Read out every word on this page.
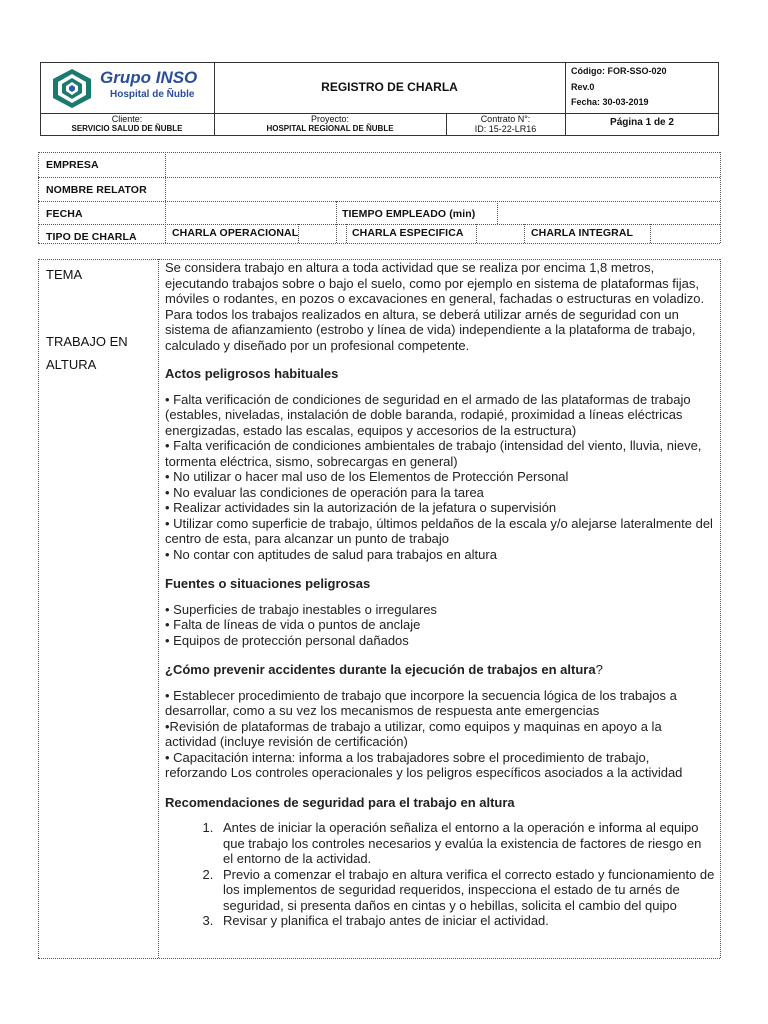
Grupo INSO
Hospital de Ñuble
REGISTRO DE CHARLA
Código: FOR-SSO-020
Rev.0
Fecha: 30-03-2019
Cliente:
SERVICIO SALUD DE ÑUBLE
Proyecto:
HOSPITAL REGIONAL DE ÑUBLE
Contrato N°:
ID: 15-22-LR16
Página 1 de 2
EMPRESA
NOMBRE RELATOR
FECHA	TIEMPO EMPLEADO (min)
TIPO DE CHARLA	CHARLA OPERACIONAL	CHARLA ESPECIFICA	CHARLA INTEGRAL
TEMA
TRABAJO EN
ALTURA

Se considera trabajo en altura a toda actividad que se realiza por encima 1,8 metros, ejecutando trabajos sobre o bajo el suelo, como por ejemplo en sistema de plataformas fijas, móviles o rodantes, en pozos o excavaciones en general, fachadas o estructuras en voladizo. Para todos los trabajos realizados en altura, se deberá utilizar arnés de seguridad con un sistema de afianzamiento (estrobo y línea de vida) independiente a la plataforma de trabajo, calculado y diseñado por un profesional competente.

Actos peligrosos habituales

• Falta verificación de condiciones de seguridad en el armado de las plataformas de trabajo (estables, niveladas, instalación de doble baranda, rodapié, proximidad a líneas eléctricas energizadas, estado las escalas, equipos y accesorios de la estructura)

• Falta verificación de condiciones ambientales de trabajo (intensidad del viento, lluvia, nieve, tormenta eléctrica, sismo, sobrecargas en general)

• No utilizar o hacer mal uso de los Elementos de Protección Personal

• No evaluar las condiciones de operación para la tarea

• Realizar actividades sin la autorización de la jefatura o supervisión

• Utilizar como superficie de trabajo, últimos peldaños de la escala y/o alejarse lateralmente del centro de esta, para alcanzar un punto de trabajo

• No contar con aptitudes de salud para trabajos en altura

Fuentes o situaciones peligrosas

• Superficies de trabajo inestables o irregulares

• Falta de líneas de vida o puntos de anclaje

• Equipos de protección personal dañados

¿Cómo prevenir accidentes durante la ejecución de trabajos en altura?

• Establecer procedimiento de trabajo que incorpore la secuencia lógica de los trabajos a desarrollar, como a su vez los mecanismos de respuesta ante emergencias

•Revisión de plataformas de trabajo a utilizar, como equipos y maquinas en apoyo a la actividad (incluye revisión de certificación)

• Capacitación interna: informa a los trabajadores sobre el procedimiento de trabajo, reforzando Los controles operacionales y los peligros específicos asociados a la actividad

Recomendaciones de seguridad para el trabajo en altura
1. Antes de iniciar la operación señaliza el entorno a la operación e informa al equipo que trabajo los controles necesarios y evalúa la existencia de factores de riesgo en el entorno de la actividad.
2. Previo a comenzar el trabajo en altura verifica el correcto estado y funcionamiento de los implementos de seguridad requeridos, inspecciona el estado de tu arnés de seguridad, si presenta daños en cintas y o hebillas, solicita el cambio del quipo
3. Revisar y planifica el trabajo antes de iniciar el actividad.
